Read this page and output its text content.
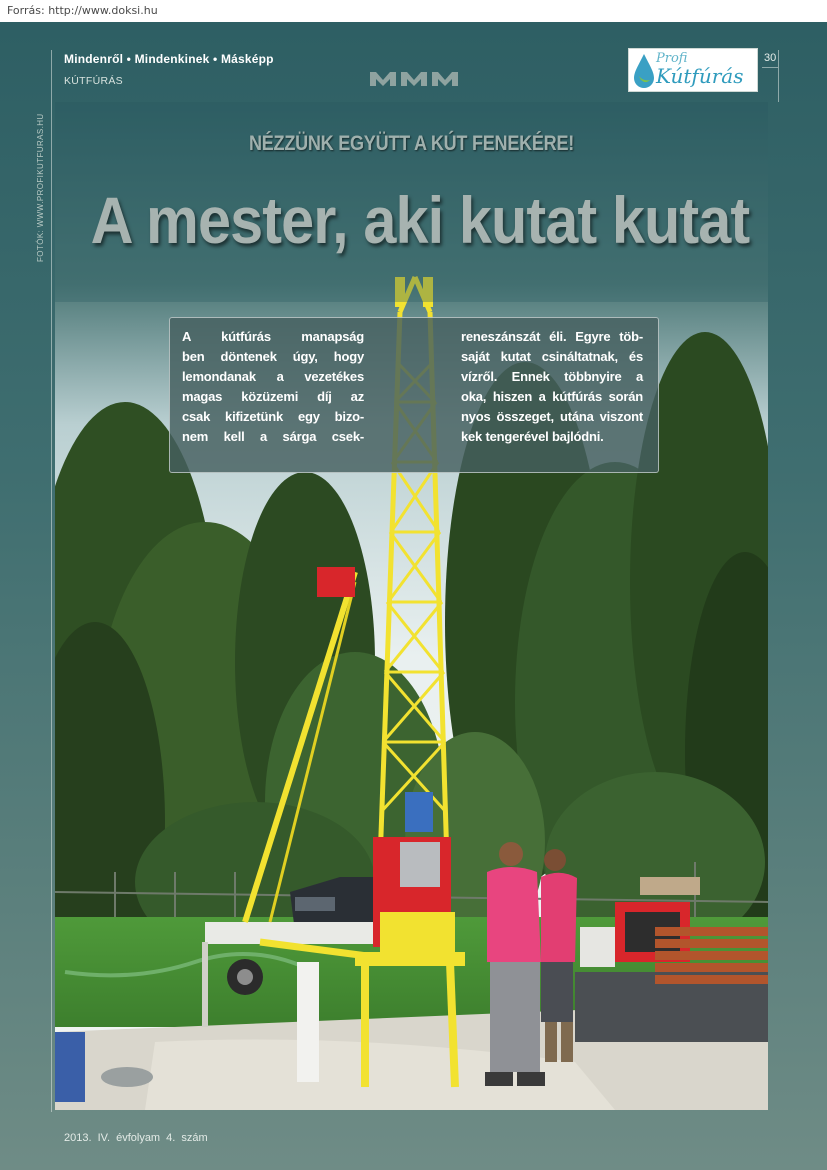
Forrás: http://www.doksi.hu
Mindenről • Mindenkinek • Másképp
KÚTFÚRÁS
Profi
Kútfúrás
30
FOTÓK: WWW.PROFIKUTFURAS.HU	NÉZZÜNK EGYÜTT A KÚT FENEKÉRE!
A mester, aki kutat kutat
A kútfúrás manapság
ben döntenek úgy, hogy
lemondanak a vezetékes
magas közüzemi díj az
csak kifizetünk egy bizo-
nem kell a sárga csek-
reneszánszát éli. Egyre töb-
saját kutat csináltatnak, és
vízről. Ennek többnyire a
oka, hiszen a kútfúrás során
nyos összeget, utána viszont
kek tengerével bajlódni.
2013. IV. évfolyam 4. szám
